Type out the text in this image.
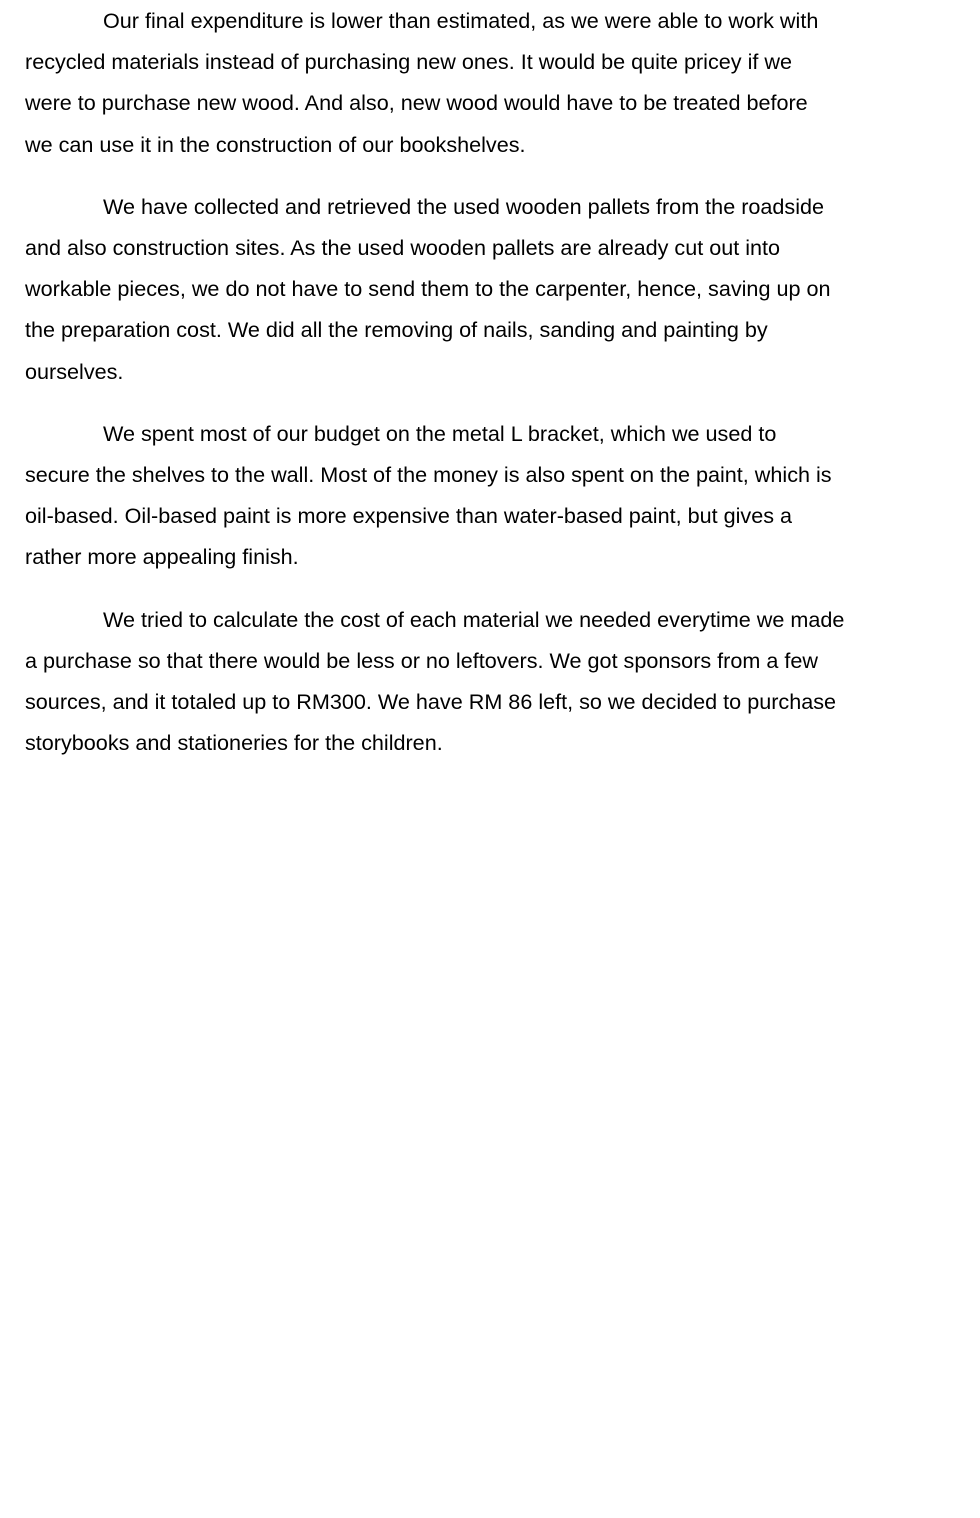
Our final expenditure is lower than estimated, as we were able to work with
recycled materials instead of purchasing new ones. It would be quite pricey if we
were to purchase new wood. And also, new wood would have to be treated before
we can use it in the construction of our bookshelves.

We have collected and retrieved the used wooden pallets from the roadside
and also construction sites. As the used wooden pallets are already cut out into
workable pieces, we do not have to send them to the carpenter, hence, saving up on
the preparation cost. We did all the removing of nails, sanding and painting by
ourselves.

We spent most of our budget on the metal L bracket, which we used to
secure the shelves to the wall. Most of the money is also spent on the paint, which is
oil-based. Oil-based paint is more expensive than water-based paint, but gives a
rather more appealing finish.

We tried to calculate the cost of each material we needed everytime we made
a purchase so that there would be less or no leftovers. We got sponsors from a few
sources, and it totaled up to RM300. We have RM 86 left, so we decided to purchase
storybooks and stationeries for the children.
